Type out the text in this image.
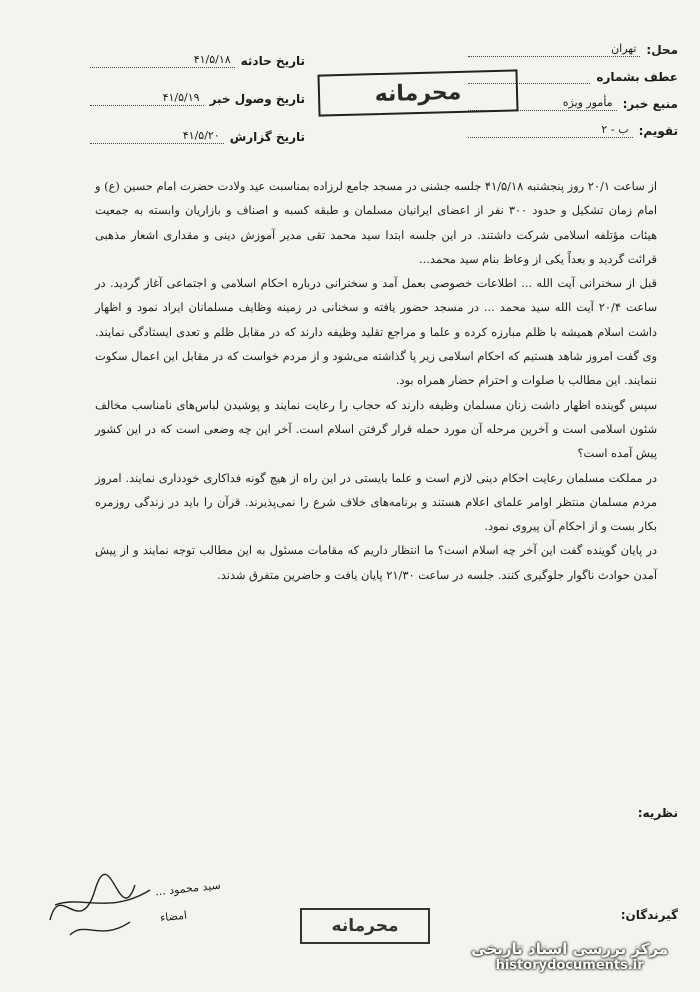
محل:
تهران
عطف بشماره
منبع خبر:
مأمور ویژه
تقویم:
ب - ۲
تاریخ حادثه
۴۱/۵/۱۸
تاریخ وصول خبر
۴۱/۵/۱۹
تاریخ گزارش
۴۱/۵/۲۰
محرمانه

از ساعت ۲۰/۱ روز پنجشنبه ۴۱/۵/۱۸ جلسه جشنی در مسجد جامع لرزاده بمناسبت عید ولادت حضرت امام حسین (ع) و امام زمان تشکیل و حدود ۳۰۰ نفر از اعضای ایرانیان مسلمان و طبقه کسبه و اصناف و بازاریان وابسته به جمعیت هیئات مؤتلفه اسلامی شرکت داشتند. در این جلسه ابتدا سید محمد تقی مدیر آموزش دینی و مقداری اشعار مذهبی قرائت گردید و بعداً یکی از وعاظ بنام سید محمد...

قبل از سخنرانی آیت الله ... اطلاعات خصوصی بعمل آمد و سخنرانی درباره احکام اسلامی و اجتماعی آغاز گردید. در ساعت ۲۰/۴ آیت الله سید محمد ... در مسجد حضور یافته و سخنانی در زمینه وظایف مسلمانان ایراد نمود و اظهار داشت اسلام همیشه با ظلم مبارزه کرده و علما و مراجع تقلید وظیفه دارند که در مقابل ظلم و تعدی ایستادگی نمایند. وی گفت امروز شاهد هستیم که احکام اسلامی زیر پا گذاشته می‌شود و از مردم خواست که در مقابل این اعمال سکوت ننمایند. این مطالب با صلوات و احترام حضار همراه بود.

سپس گوینده اظهار داشت زنان مسلمان وظیفه دارند که حجاب را رعایت نمایند و پوشیدن لباس‌های نامناسب مخالف شئون اسلامی است و آخرین مرحله آن مورد حمله قرار گرفتن اسلام است. آخر این چه وضعی است که در این کشور پیش آمده است؟

در مملکت مسلمان رعایت احکام دینی لازم است و علما بایستی در این راه از هیچ گونه فداکاری خودداری نمایند. امروز مردم مسلمان منتظر اوامر علمای اعلام هستند و برنامه‌های خلاف شرع را نمی‌پذیرند. قرآن را باید در زندگی روزمره بکار بست و از احکام آن پیروی نمود.

در پایان گوینده گفت این آخر چه اسلام است؟ ما انتظار داریم که مقامات مسئول به این مطالب توجه نمایند و از پیش آمدن حوادث ناگوار جلوگیری کنند. جلسه در ساعت ۲۱/۳۰ پایان یافت و حاضرین متفرق شدند.

نظریه:
سید محمود ...
امضاء	محرمانه
گیرندگان:
مرکز بررسی اسناد تاریخی
historydocuments.ir
